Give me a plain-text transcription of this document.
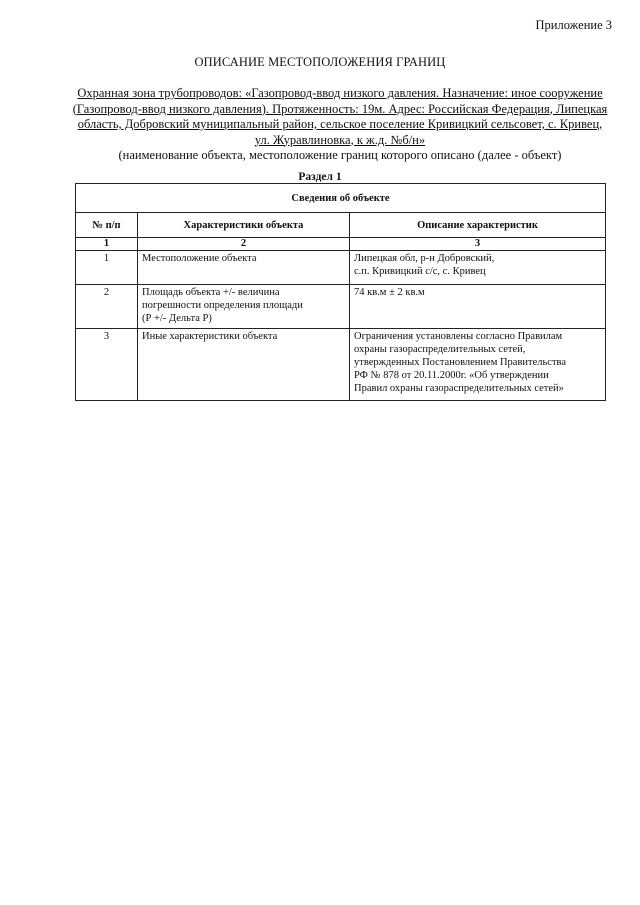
Приложение 3
ОПИСАНИЕ МЕСТОПОЛОЖЕНИЯ ГРАНИЦ
Охранная зона трубопроводов: «Газопровод-ввод низкого давления. Назначение: иное сооружение (Газопровод-ввод низкого давления). Протяженность: 19м. Адрес: Российская Федерация, Липецкая область, Добровский муниципальный район, сельское поселение Кривицкий сельсовет, с. Кривец, ул. Журавлиновка, к ж.д. №б/н»
(наименование объекта, местоположение границ которого описано (далее - объект)
Раздел 1
Сведения об объекте		
№ п/п	Характеристики объекта	Описание характеристик
1	2	3
1	Местоположение объекта	Липецкая обл, р-н Добровский,
с.п. Кривицкий с/с, с. Кривец
2	Площадь объекта +/- величина
погрешности определения площади
(Р +/- Дельта Р)	74 кв.м ± 2 кв.м
3	Иные характеристики объекта	Ограничения установлены согласно Правилам
охраны газораспределительных сетей,
утвержденных Постановлением Правительства
РФ № 878 от 20.11.2000г. «Об утверждении
Правил охраны газораспределительных сетей»
